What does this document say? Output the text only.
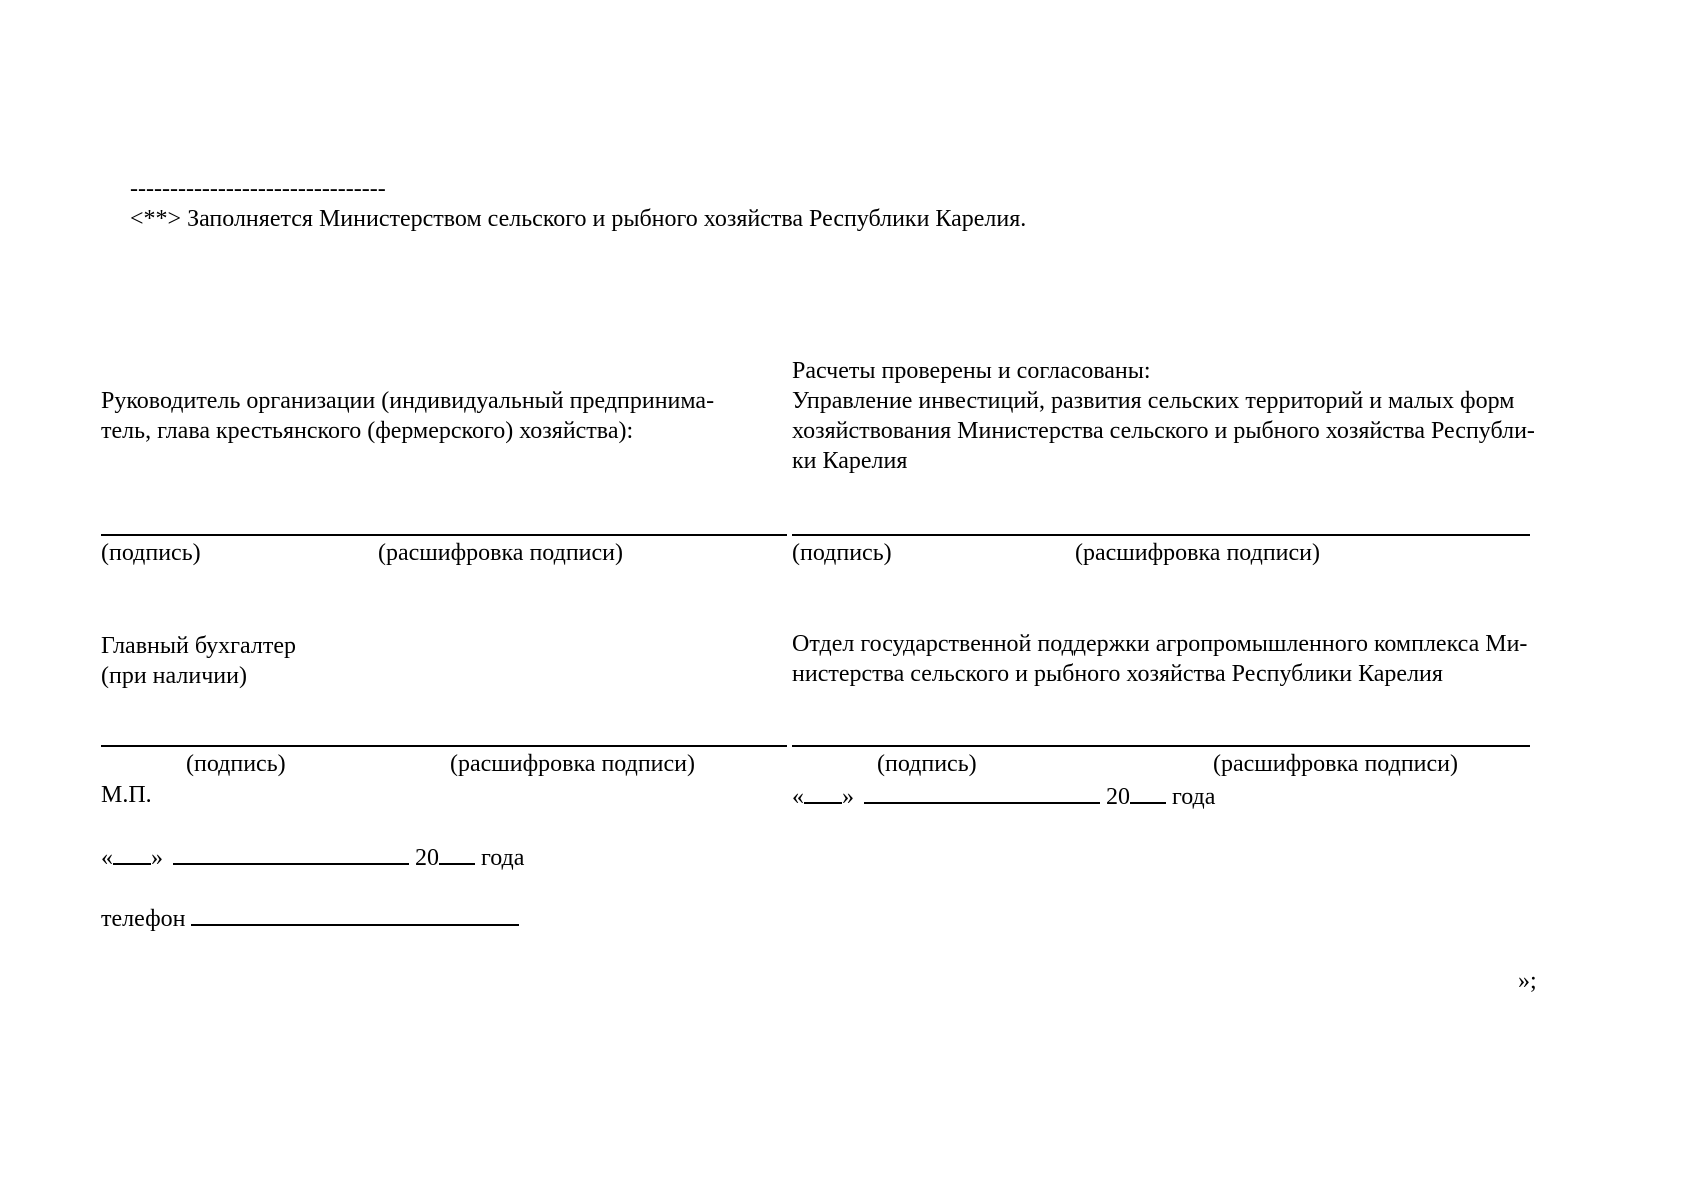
--------------------------------
<**> Заполняется Министерством сельского и рыбного хозяйства Республики Карелия.
Руководитель организации (индивидуальный предпринима-
тель, глава крестьянского (фермерского) хозяйства):
(подпись)	(расшифровка подписи)
Главный бухгалтер
(при наличии)
(подпись)	(расшифровка подписи)
М.П.
« »	20 года
телефон
Расчеты проверены и согласованы:
Управление инвестиций, развития сельских территорий и малых форм
хозяйствования Министерства сельского и рыбного хозяйства Республи-
ки Карелия
(подпись)	(расшифровка подписи)
Отдел государственной поддержки агропромышленного комплекса Ми-
нистерства сельского и рыбного хозяйства Республики Карелия
(подпись)	(расшифровка подписи)
« »	20 года
»;
